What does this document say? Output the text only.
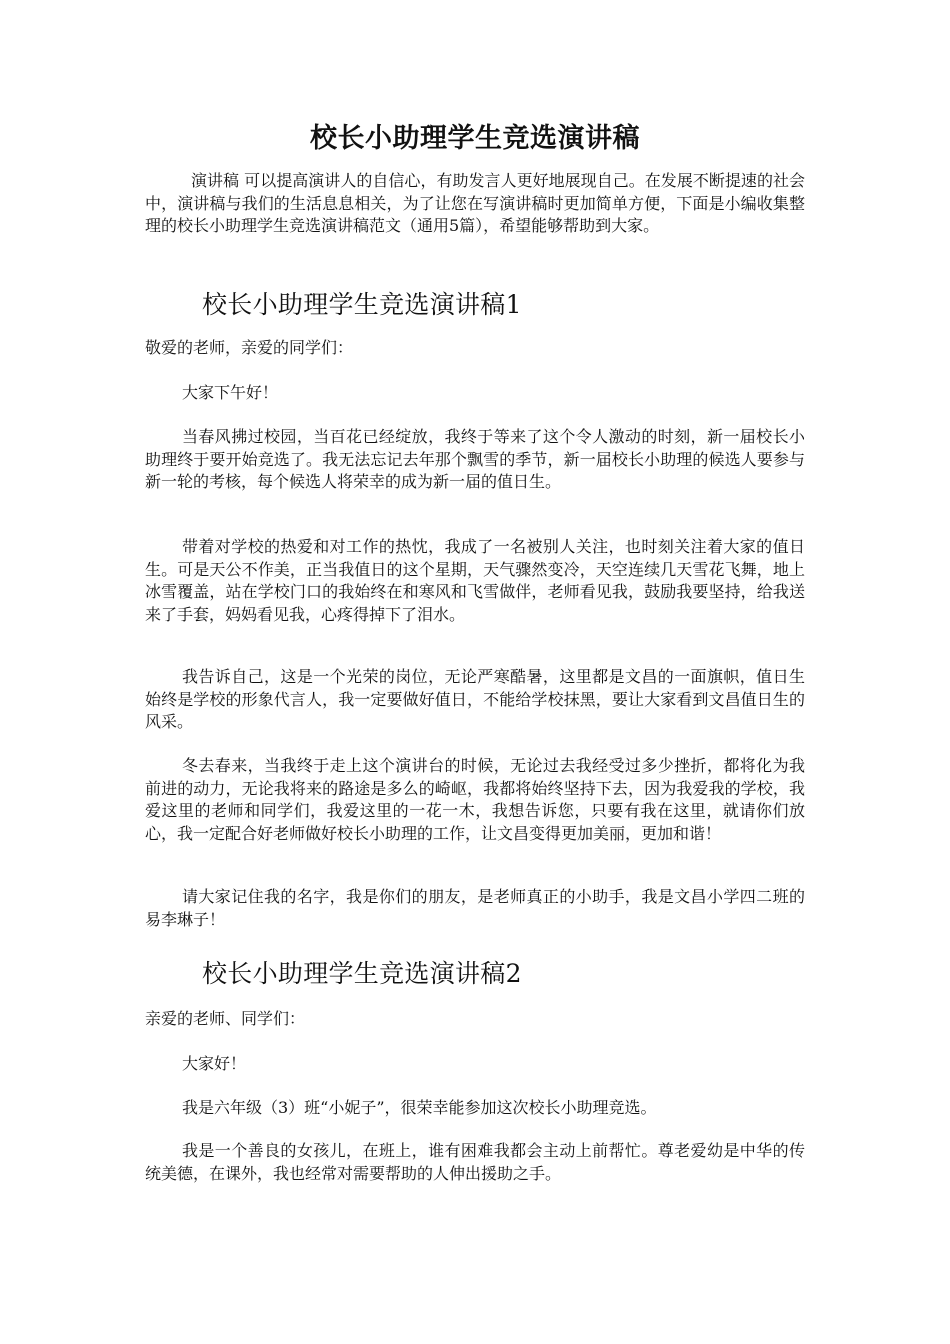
校长小助理学生竞选演讲稿

演讲稿 可以提高演讲人的自信心，有助发言人更好地展现自己。在发展不断提速的社会中，演讲稿与我们的生活息息相关，为了让您在写演讲稿时更加简单方便，下面是小编收集整理的校长小助理学生竞选演讲稿范文（通用5篇），希望能够帮助到大家。

校长小助理学生竞选演讲稿1

敬爱的老师，亲爱的同学们：

大家下午好！

当春风拂过校园，当百花已经绽放，我终于等来了这个令人激动的时刻，新一届校长小助理终于要开始竞选了。我无法忘记去年那个飘雪的季节，新一届校长小助理的候选人要参与新一轮的考核，每个候选人将荣幸的成为新一届的值日生。

带着对学校的热爱和对工作的热忱，我成了一名被别人关注，也时刻关注着大家的值日生。可是天公不作美，正当我值日的这个星期，天气骤然变冷，天空连续几天雪花飞舞，地上冰雪覆盖，站在学校门口的我始终在和寒风和飞雪做伴，老师看见我，鼓励我要坚持，给我送来了手套，妈妈看见我，心疼得掉下了泪水。

我告诉自己，这是一个光荣的岗位，无论严寒酷暑，这里都是文昌的一面旗帜，值日生始终是学校的形象代言人，我一定要做好值日，不能给学校抹黑，要让大家看到文昌值日生的风采。

冬去春来，当我终于走上这个演讲台的时候，无论过去我经受过多少挫折，都将化为我前进的动力，无论我将来的路途是多么的崎岖，我都将始终坚持下去，因为我爱我的学校，我爱这里的老师和同学们，我爱这里的一花一木，我想告诉您，只要有我在这里，就请你们放心，我一定配合好老师做好校长小助理的工作，让文昌变得更加美丽，更加和谐！

请大家记住我的名字，我是你们的朋友，是老师真正的小助手，我是文昌小学四二班的易李琳子！

校长小助理学生竞选演讲稿2

亲爱的老师、同学们：

大家好！

我是六年级（3）班“小妮子”，很荣幸能参加这次校长小助理竞选。

我是一个善良的女孩儿，在班上，谁有困难我都会主动上前帮忙。尊老爱幼是中华的传统美德，在课外，我也经常对需要帮助的人伸出援助之手。
